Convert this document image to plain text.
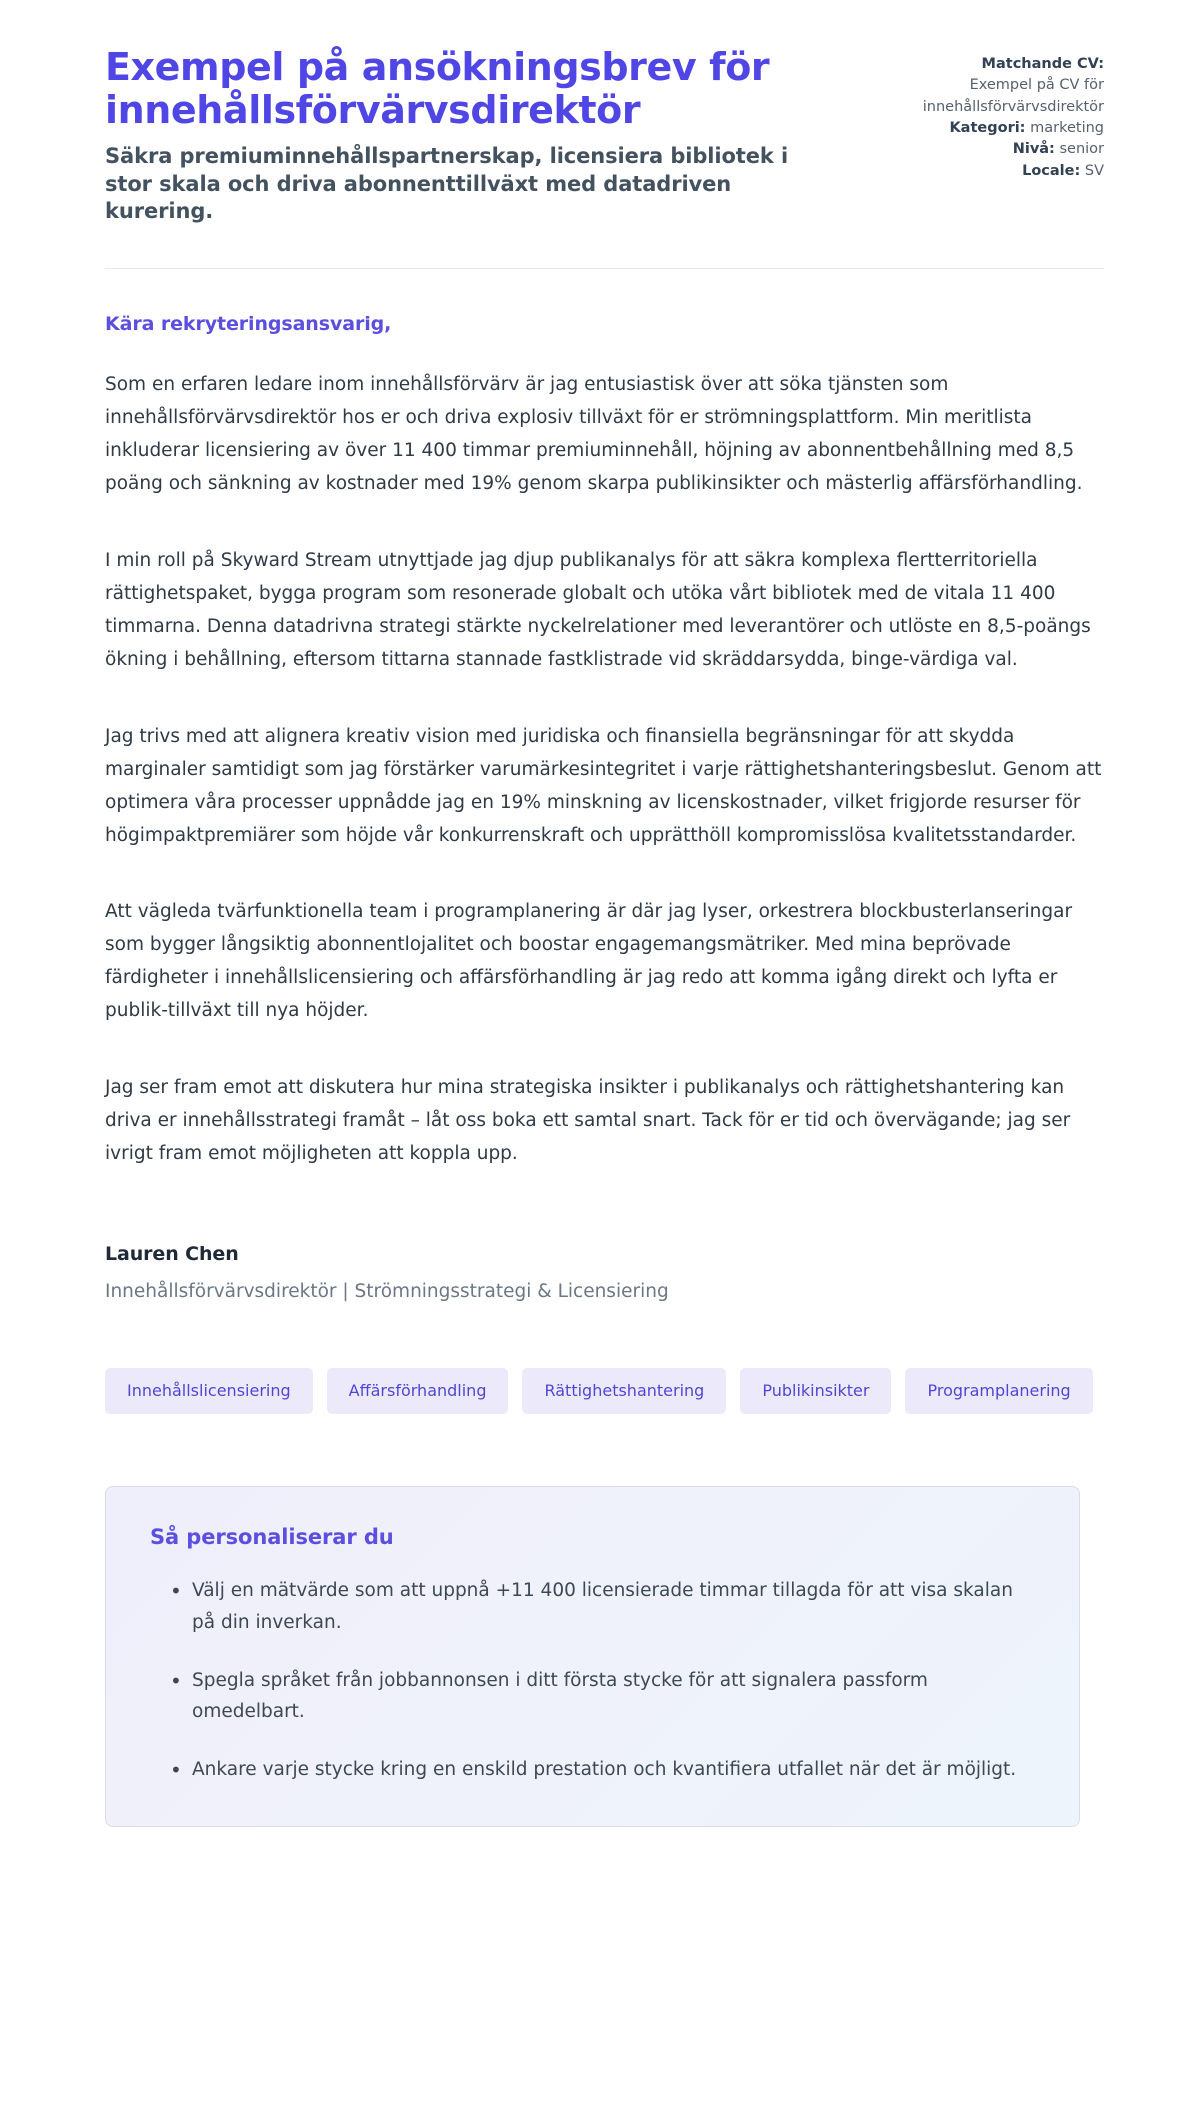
Exempel på ansökningsbrev för innehållsförvärvsdirektör

Säkra premiuminnehållspartnerskap, licensiera bibliotek i stor skala och driva abonnenttillväxt med datadriven kurering.

Matchande CV:
Exempel på CV för innehållsförvärvsdirektör
Kategori: marketing
Nivå: senior
Locale: SV

Kära rekryteringsansvarig,

Som en erfaren ledare inom innehållsförvärv är jag entusiastisk över att söka tjänsten som innehållsförvärvsdirektör hos er och driva explosiv tillväxt för er strömningsplattform. Min meritlista inkluderar licensiering av över 11 400 timmar premiuminnehåll, höjning av abonnentbehållning med 8,5 poäng och sänkning av kostnader med 19% genom skarpa publikinsikter och mästerlig affärsförhandling.

I min roll på Skyward Stream utnyttjade jag djup publikanalys för att säkra komplexa flertterritoriella rättighetspaket, bygga program som resonerade globalt och utöka vårt bibliotek med de vitala 11 400 timmarna. Denna datadrivna strategi stärkte nyckelrelationer med leverantörer och utlöste en 8,5-poängs ökning i behållning, eftersom tittarna stannade fastklistrade vid skräddarsydda, binge-värdiga val.

Jag trivs med att alignera kreativ vision med juridiska och finansiella begränsningar för att skydda marginaler samtidigt som jag förstärker varumärkesintegritet i varje rättighetshanteringsbeslut. Genom att optimera våra processer uppnådde jag en 19% minskning av licenskostnader, vilket frigjorde resurser för högimpaktpremiärer som höjde vår konkurrenskraft och upprätthöll kompromisslösa kvalitetsstandarder.

Att vägleda tvärfunktionella team i programplanering är där jag lyser, orkestrera blockbusterlanseringar som bygger långsiktig abonnentlojalitet och boostar engagemangsmätriker. Med mina beprövade färdigheter i innehållslicensiering och affärsförhandling är jag redo att komma igång direkt och lyfta er publik-tillväxt till nya höjder.

Jag ser fram emot att diskutera hur mina strategiska insikter i publikanalys och rättighetshantering kan driva er innehållsstrategi framåt – låt oss boka ett samtal snart. Tack för er tid och övervägande; jag ser ivrigt fram emot möjligheten att koppla upp.

Lauren Chen

Innehållsförvärvsdirektör | Strömningsstrategi & Licensiering

Innehållslicensiering	Affärsförhandling	Rättighetshantering	Publikinsikter	Programplanering

Så personaliserar du

• Välj en mätvärde som att uppnå +11 400 licensierade timmar tillagda för att visa skalan på din inverkan.
• Spegla språket från jobbannonsen i ditt första stycke för att signalera passform omedelbart.
• Ankare varje stycke kring en enskild prestation och kvantifiera utfallet när det är möjligt.
